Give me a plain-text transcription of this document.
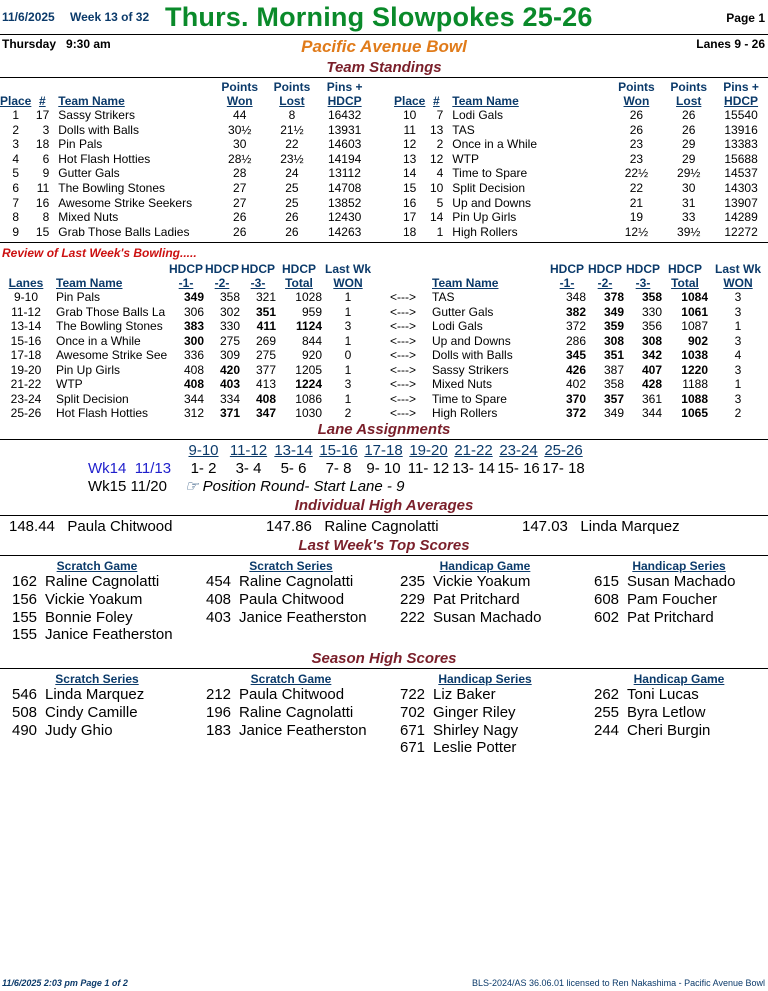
11/6/2025 Week 13 of 32 Thurs. Morning Slowpokes 25-26	Page 1
Thursday   9:30 am	Pacific Avenue Bowl	Lanes 9 - 26
Team Standings
			Points	Points	Pins +
Place	#	Team Name	Won	Lost	HDCP
1	17	Sassy Strikers	44	8	16432
2	3	Dolls with Balls	30½	21½	13931
3	18	Pin Pals	30	22	14603
4	6	Hot Flash Hotties	28½	23½	14194
5	9	Gutter Gals	28	24	13112
6	11	The Bowling Stones	27	25	14708
7	16	Awesome Strike Seekers	27	25	13852
8	8	Mixed Nuts	26	26	12430
9	15	Grab Those Balls Ladies	26	26	14263
			Points	Points	Pins +
Place	#	Team Name	Won	Lost	HDCP
10	7	Lodi Gals	26	26	15540
11	13	TAS	26	26	13916
12	2	Once in a While	23	29	13383
13	12	WTP	23	29	15688
14	4	Time to Spare	22½	29½	14537
15	10	Split Decision	22	30	14303
16	5	Up and Downs	21	31	13907
17	14	Pin Up Girls	19	33	14289
18	1	High Rollers	12½	39½	12272
Review of Last Week's Bowling.....
		HDCP	HDCP	HDCP	HDCP	Last Wk			HDCP	HDCP	HDCP	HDCP	Last Wk
Lanes	Team Name	-1-	-2-	-3-	Total	WON		Team Name	-1-	-2-	-3-	Total	WON
9-10	Pin Pals	349	358	321	1028	1	<--->	TAS	348	378	358	1084	3
11-12	Grab Those Balls La	306	302	351	959	1	<--->	Gutter Gals	382	349	330	1061	3
13-14	The Bowling Stones	383	330	411	1124	3	<--->	Lodi Gals	372	359	356	1087	1
15-16	Once in a While	300	275	269	844	1	<--->	Up and Downs	286	308	308	902	3
17-18	Awesome Strike See	336	309	275	920	0	<--->	Dolls with Balls	345	351	342	1038	4
19-20	Pin Up Girls	408	420	377	1205	1	<--->	Sassy Strikers	426	387	407	1220	3
21-22	WTP	408	403	413	1224	3	<--->	Mixed Nuts	402	358	428	1188	1
23-24	Split Decision	344	334	408	1086	1	<--->	Time to Spare	370	357	361	1088	3
25-26	Hot Flash Hotties	312	371	347	1030	2	<--->	High Rollers	372	349	344	1065	2
Lane Assignments
	9-10	11-12	13-14	15-16	17-18	19-20	21-22	23-24	25-26
Wk14 11/13	1- 2	3- 4	5- 6	7- 8	9- 10	11- 12	13- 14	15- 16	17- 18
Wk15 11/20	☞ Position Round- Start Lane - 9								
Individual High Averages
148.44 Paula Chitwood	147.86 Raline Cagnolatti	147.03 Linda Marquez
Last Week's Top Scores
Scratch Game
162 Raline Cagnolatti
156 Vickie Yoakum
155 Bonnie Foley
155 Janice Featherston
Scratch Series
454 Raline Cagnolatti
408 Paula Chitwood
403 Janice Featherston
Handicap Game
235 Vickie Yoakum
229 Pat Pritchard
222 Susan Machado
Handicap Series
615 Susan Machado
608 Pam Foucher
602 Pat Pritchard
Season High Scores
Scratch Series
546 Linda Marquez
508 Cindy Camille
490 Judy Ghio
Scratch Game
212 Paula Chitwood
196 Raline Cagnolatti
183 Janice Featherston
Handicap Series
722 Liz Baker
702 Ginger Riley
671 Shirley Nagy
671 Leslie Potter
Handicap Game
262 Toni Lucas
255 Byra Letlow
244 Cheri Burgin
11/6/2025 2:03 pm Page 1 of 2	BLS-2024/AS 36.06.01 licensed to Ren Nakashima - Pacific Avenue Bowl
